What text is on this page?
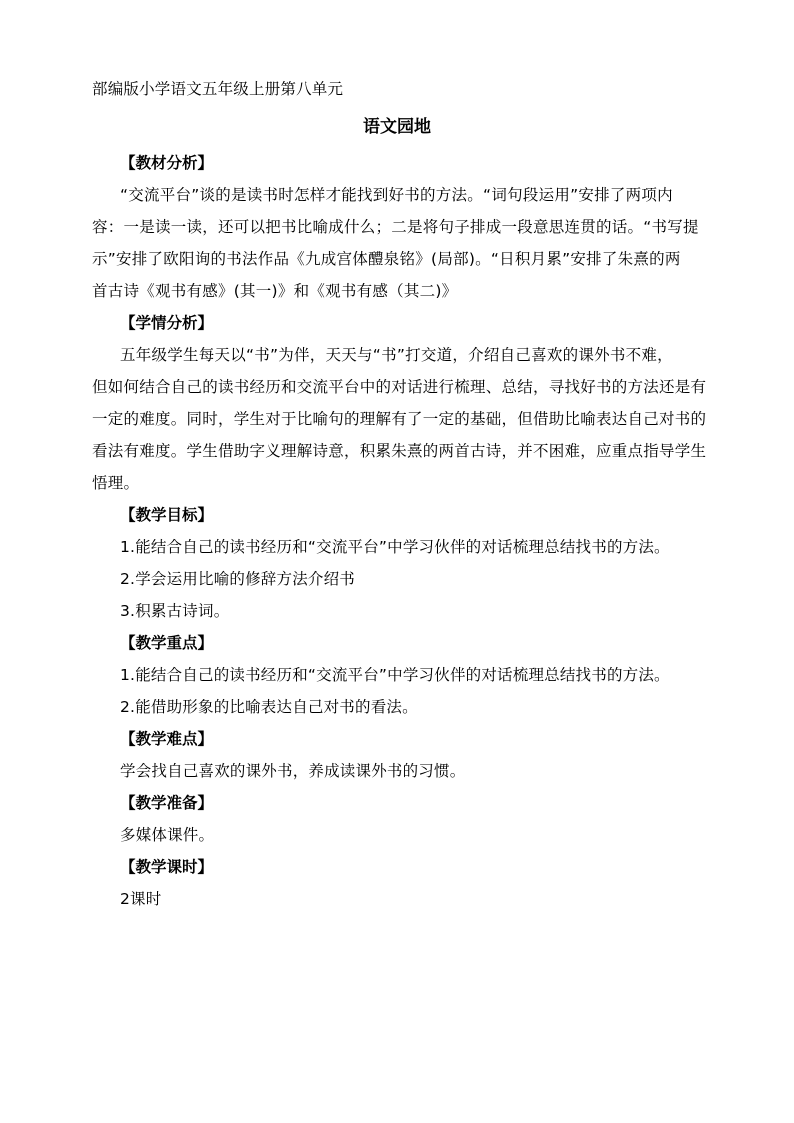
部编版小学语文五年级上册第八单元
语文园地
【教材分析】
“交流平台”谈的是读书时怎样才能找到好书的方法。“词句段运用”安排了两项内
容：一是读一读，还可以把书比喻成什么；二是将句子排成一段意思连贯的话。“书写提
示”安排了欧阳询的书法作品《九成宫体醴泉铭》(局部)。“日积月累”安排了朱熹的两
首古诗《观书有感》(其一)》和《观书有感（其二)》
【学情分析】
五年级学生每天以“书”为伴，天天与“书”打交道，介绍自己喜欢的课外书不难，
但如何结合自己的读书经历和交流平台中的对话进行梳理、总结，寻找好书的方法还是有
一定的难度。同时，学生对于比喻句的理解有了一定的基础，但借助比喻表达自己对书的
看法有难度。学生借助字义理解诗意，积累朱熹的两首古诗，并不困难，应重点指导学生
悟理。
【教学目标】
1.能结合自己的读书经历和“交流平台”中学习伙伴的对话梳理总结找书的方法。
2.学会运用比喻的修辞方法介绍书
3.积累古诗词。
【教学重点】
1.能结合自己的读书经历和“交流平台”中学习伙伴的对话梳理总结找书的方法。
2.能借助形象的比喻表达自己对书的看法。
【教学难点】
学会找自己喜欢的课外书，养成读课外书的习惯。
【教学准备】
多媒体课件。
【教学课时】
2课时
